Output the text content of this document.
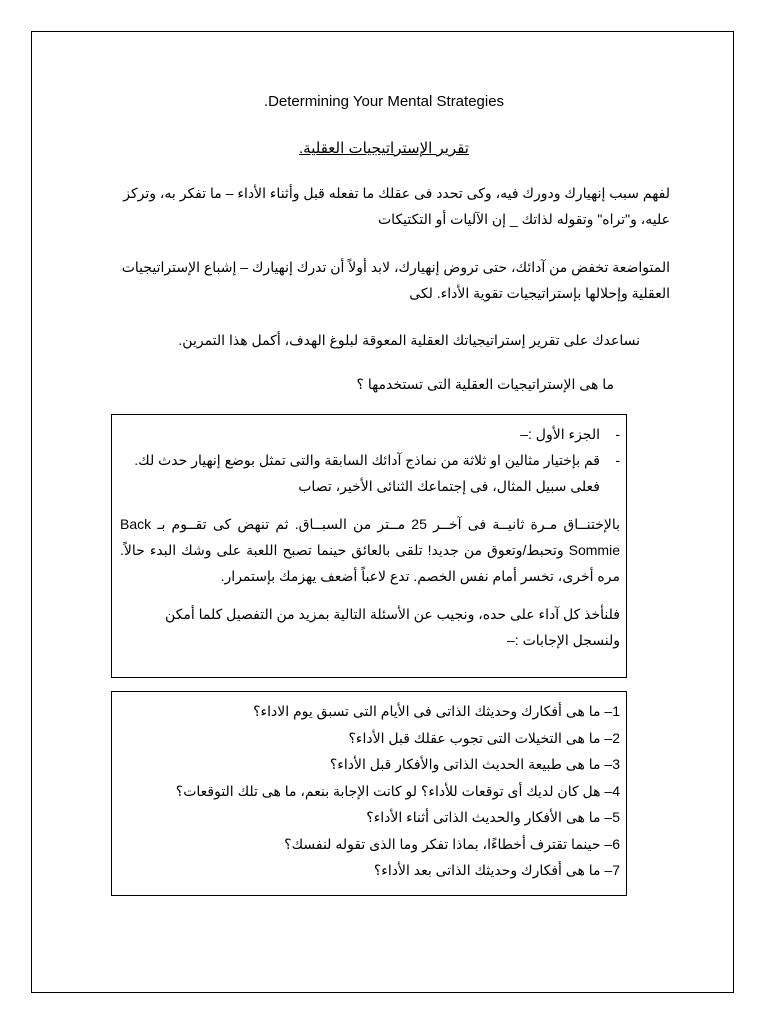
.Determining Your Mental Strategies
تقرير الإستراتيجيات العقلية.
لفهم سبب إنهيارك ودورك فيه، وكى تحدد فى عقلك ما تفعله قبل وأثناء الأداء – ما تفكر به، وتركز عليه، و"تراه" وتقوله لذاتك _ إن الآليات أو التكتيكات
المتواضعة تخفض من آدائك، حتى تروض إنهيارك، لابد أولاً أن تدرك إنهيارك – إشباع الإستراتيجيات العقلية وإحلالها بإستراتيجيات تقوية الأداء. لكى
نساعدك على تقرير إستراتيجياتك العقلية المعوقة لبلوغ الهدف، أكمل هذا التمرين.
ما هى الإستراتيجيات العقلية التى تستخدمها ؟
-
الجزء الأول :–
-
قم بإختيار مثالين او ثلاثة من نماذج آدائك السابقة والتى تمثل بوضع إنهيار حدث لك. فعلى سبيل المثال، فى إجتماعك الثنائى الأخير، تصاب
بالإختنــاق مـرة ثانيــة فى آخــر 25 مــتر من السبــاق. ثم تنهض كى تقــوم بـ Back Sommie وتحبط/وتعوق من جديد! تلقى بالعائق حينما تصبح اللعبة على وشك البدء حالاً. مره أخرى، تخسر أمام نفس الخصم. تدع لاعباً أضعف يهزمك بإستمرار.
فلنأخذ كل آداء على حده، ونجيب عن الأسئلة التالية بمزيد من التفصيل كلما أمكن ولنسجل الإجابات :–
1– ما هى أفكارك وحديثك الذاتى فى الأيام التى تسبق يوم الاداء؟
2– ما هى التخيلات التى تجوب عقلك قبل الأداء؟
3– ما هى طبيعة الحديث الذاتى والأفكار قبل الأداء؟
4– هل كان لديك أى توقعات للأداء؟ لو كانت الإجابة بنعم، ما هى تلك التوقعات؟
5– ما هى الأفكار والحديث الذاتى أثناء الأداء؟
6– حينما تقترف أخطاءًا، بماذا تفكر وما الذى تقوله لنفسك؟
7– ما هى أفكارك وحديثك الذاتى بعد الأداء؟
